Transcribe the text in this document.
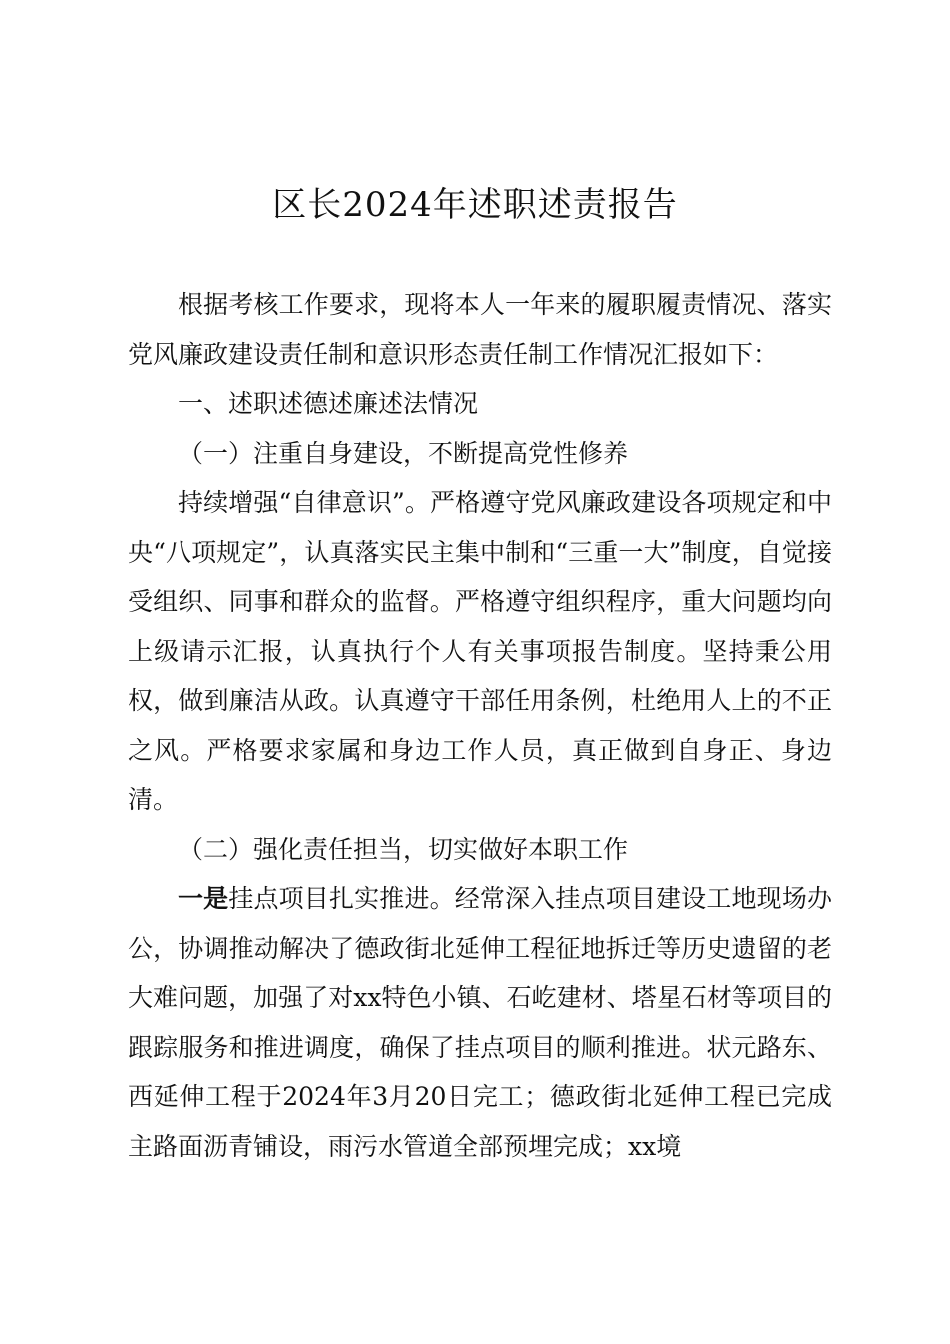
区长2024年述职述责报告

根据考核工作要求，现将本人一年来的履职履责情况、落实党风廉政建设责任制和意识形态责任制工作情况汇报如下：

一、述职述德述廉述法情况

（一）注重自身建设，不断提高党性修养

持续增强“自律意识”。严格遵守党风廉政建设各项规定和中央“八项规定”，认真落实民主集中制和“三重一大”制度，自觉接受组织、同事和群众的监督。严格遵守组织程序，重大问题均向上级请示汇报，认真执行个人有关事项报告制度。坚持秉公用权，做到廉洁从政。认真遵守干部任用条例，杜绝用人上的不正之风。严格要求家属和身边工作人员，真正做到自身正、身边清。

（二）强化责任担当，切实做好本职工作

一是挂点项目扎实推进。经常深入挂点项目建设工地现场办公，协调推动解决了德政街北延伸工程征地拆迁等历史遗留的老大难问题，加强了对xx特色小镇、石屹建材、塔星石材等项目的跟踪服务和推进调度，确保了挂点项目的顺利推进。状元路东、西延伸工程于2024年3月20日完工；德政街北延伸工程已完成主路面沥青铺设，雨污水管道全部预埋完成；xx境
